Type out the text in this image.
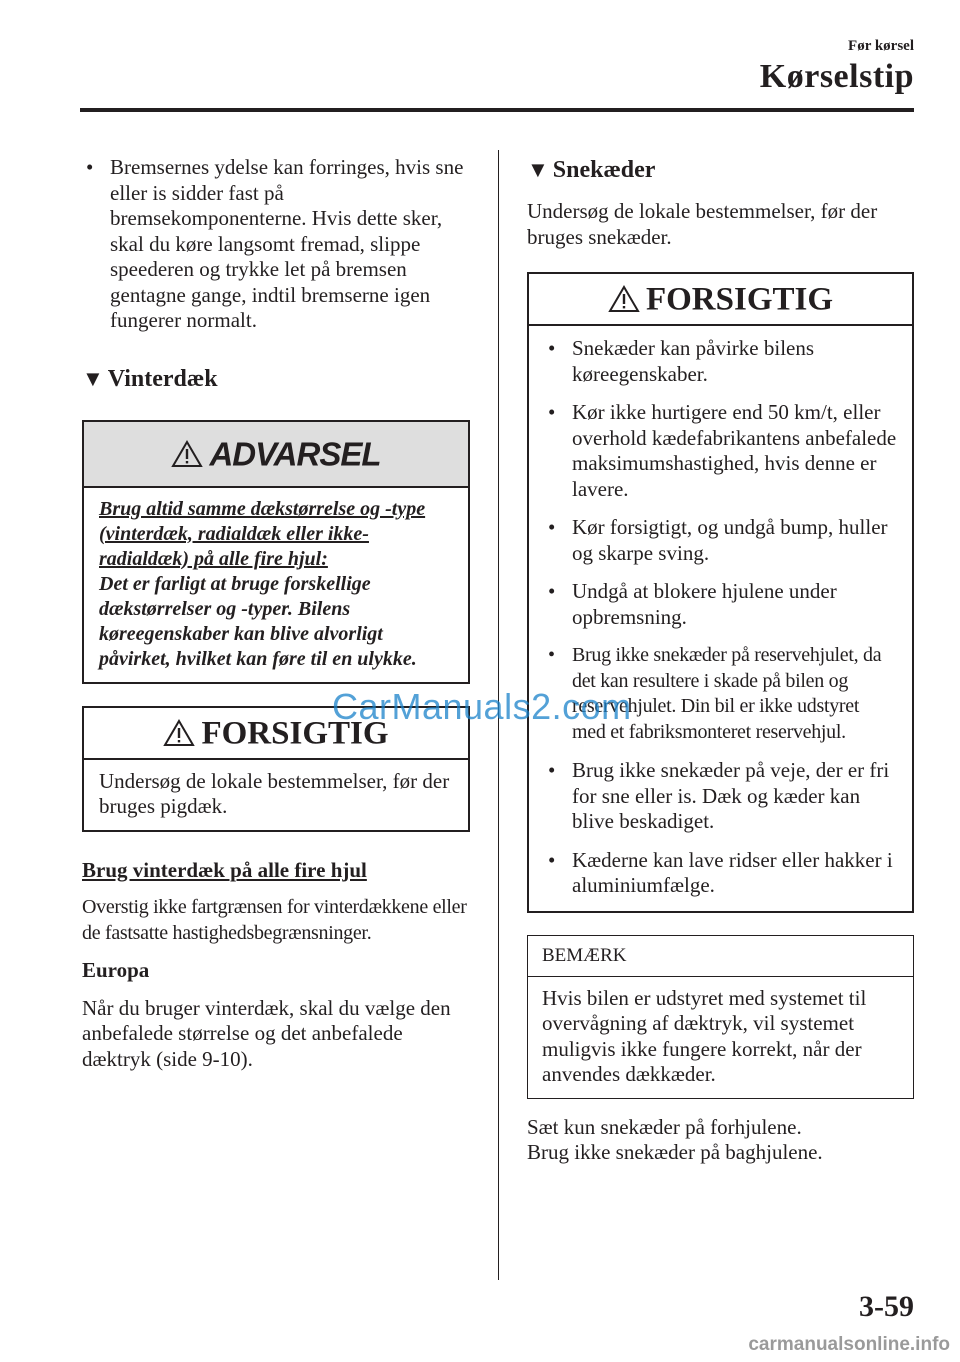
Før kørsel
Kørselstip
• Bremsernes ydelse kan forringes, hvis sne eller is sidder fast på bremsekomponenterne. Hvis dette sker, skal du køre langsomt fremad, slippe speederen og trykke let på bremsen gentagne gange, indtil bremserne igen fungerer normalt.
▼ Vinterdæk
ADVARSEL
Brug altid samme dækstørrelse og -type (vinterdæk, radialdæk eller ikke-radialdæk) på alle fire hjul:
Det er farligt at bruge forskellige dækstørrelser og -typer. Bilens køreegenskaber kan blive alvorligt påvirket, hvilket kan føre til en ulykke.
FORSIGTIG
Undersøg de lokale bestemmelser, før der bruges pigdæk.
Brug vinterdæk på alle fire hjul
Overstig ikke fartgrænsen for vinterdækkene eller de fastsatte hastighedsbegrænsninger.
Europa
Når du bruger vinterdæk, skal du vælge den anbefalede størrelse og det anbefalede dæktryk (side 9-10).
▼ Snekæder
Undersøg de lokale bestemmelser, før der bruges snekæder.
FORSIGTIG
• Snekæder kan påvirke bilens køreegenskaber.
• Kør ikke hurtigere end 50 km/t, eller overhold kædefabrikantens anbefalede maksimumshastighed, hvis denne er lavere.
• Kør forsigtigt, og undgå bump, huller og skarpe sving.
• Undgå at blokere hjulene under opbremsning.
• Brug ikke snekæder på reservehjulet, da det kan resultere i skade på bilen og reservehjulet. Din bil er ikke udstyret med et fabriksmonteret reservehjul.
• Brug ikke snekæder på veje, der er fri for sne eller is. Dæk og kæder kan blive beskadiget.
• Kæderne kan lave ridser eller hakker i aluminiumfælge.
BEMÆRK
Hvis bilen er udstyret med systemet til overvågning af dæktryk, vil systemet muligvis ikke fungere korrekt, når der anvendes dækkæder.
Sæt kun snekæder på forhjulene.
Brug ikke snekæder på baghjulene.
3-59
CarManuals2.com
carmanualsonline.info
